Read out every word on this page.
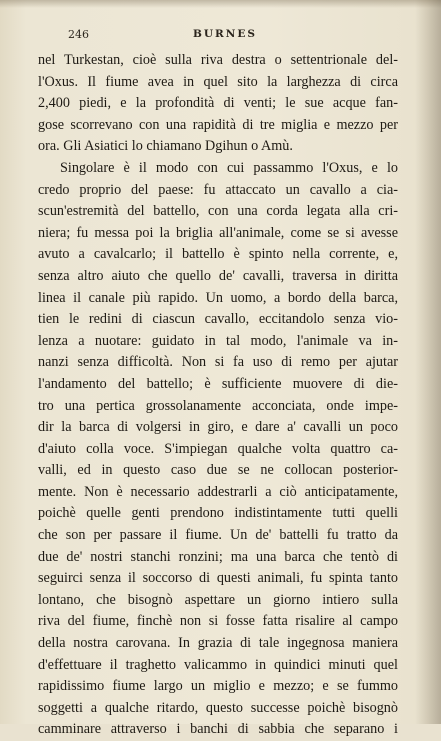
246	BURNES
nel Turkestan, cioè sulla riva destra o settentrionale del-
l'Oxus. Il fiume avea in quel sito la larghezza di circa
2,400 piedi, e la profondità di venti; le sue acque fan-
gose scorrevano con una rapidità di tre miglia e mezzo per
ora. Gli Asiatici lo chiamano Dgihun o Amù.
Singolare è il modo con cui passammo l'Oxus, e lo
credo proprio del paese: fu attaccato un cavallo a cia-
scun'estremità del battello, con una corda legata alla cri-
niera; fu messa poi la briglia all'animale, come se si avesse
avuto a cavalcarlo; il battello è spinto nella corrente, e,
senza altro aiuto che quello de' cavalli, traversa in diritta
linea il canale più rapido. Un uomo, a bordo della barca,
tien le redini di ciascun cavallo, eccitandolo senza vio-
lenza a nuotare: guidato in tal modo, l'animale va in-
nanzi senza difficoltà. Non si fa uso di remo per ajutar
l'andamento del battello; è sufficiente muovere di die-
tro una pertica grossolanamente acconciata, onde impe-
dir la barca di volgersi in giro, e dare a' cavalli un poco
d'aiuto colla voce. S'impiegan qualche volta quattro ca-
valli, ed in questo caso due se ne collocan posterior-
mente. Non è necessario addestrarli a ciò anticipatamente,
poichè quelle genti prendono indistintamente tutti quelli
che son per passare il fiume. Un de' battelli fu tratto da
due de' nostri stanchi ronzini; ma una barca che tentò di
seguirci senza il soccorso di questi animali, fu spinta tanto
lontano, che bisognò aspettare un giorno intiero sulla
riva del fiume, finchè non si fosse fatta risalire al campo
della nostra carovana. In grazia di tale ingegnosa maniera
d'effettuare il traghetto valicammo in quindici minuti quel
rapidissimo fiume largo un miglio e mezzo; e se fummo
soggetti a qualche ritardo, questo successe poichè bisognò
camminare attraverso i banchi di sabbia che separano i
